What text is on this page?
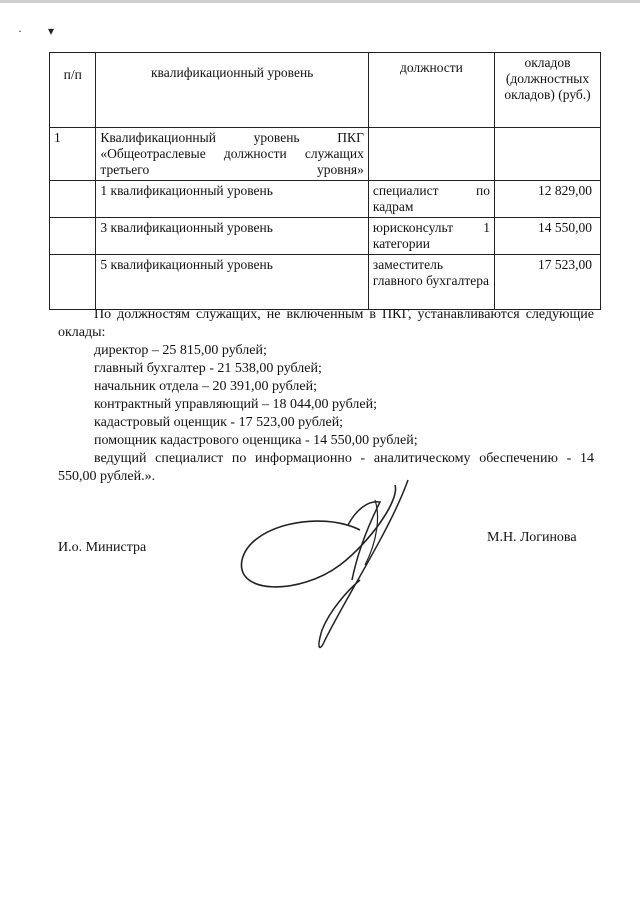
· ▾
п/п	квалификационный уровень	должности	окладов (должностных окладов) (руб.)
1	Квалификационный уровень ПКГ «Общеотраслевые должности служащих третьего уровня»		
	1 квалификационный уровень	специалист по кадрам	12 829,00
	3 квалификационный уровень	юрисконсульт 1 категории	14 550,00
	5 квалификационный уровень	заместитель главного бухгалтера	17 523,00

По должностям служащих, не включенным в ПКГ, устанавливаются следующие оклады:

директор – 25 815,00 рублей;

главный бухгалтер - 21 538,00 рублей;

начальник отдела – 20 391,00 рублей;

контрактный управляющий – 18 044,00 рублей;

кадастровый оценщик - 17 523,00 рублей;

помощник кадастрового оценщика - 14 550,00 рублей;

ведущий специалист по информационно - аналитическому обеспечению - 14 550,00 рублей.».

И.о. Министра
М.Н. Логинова
